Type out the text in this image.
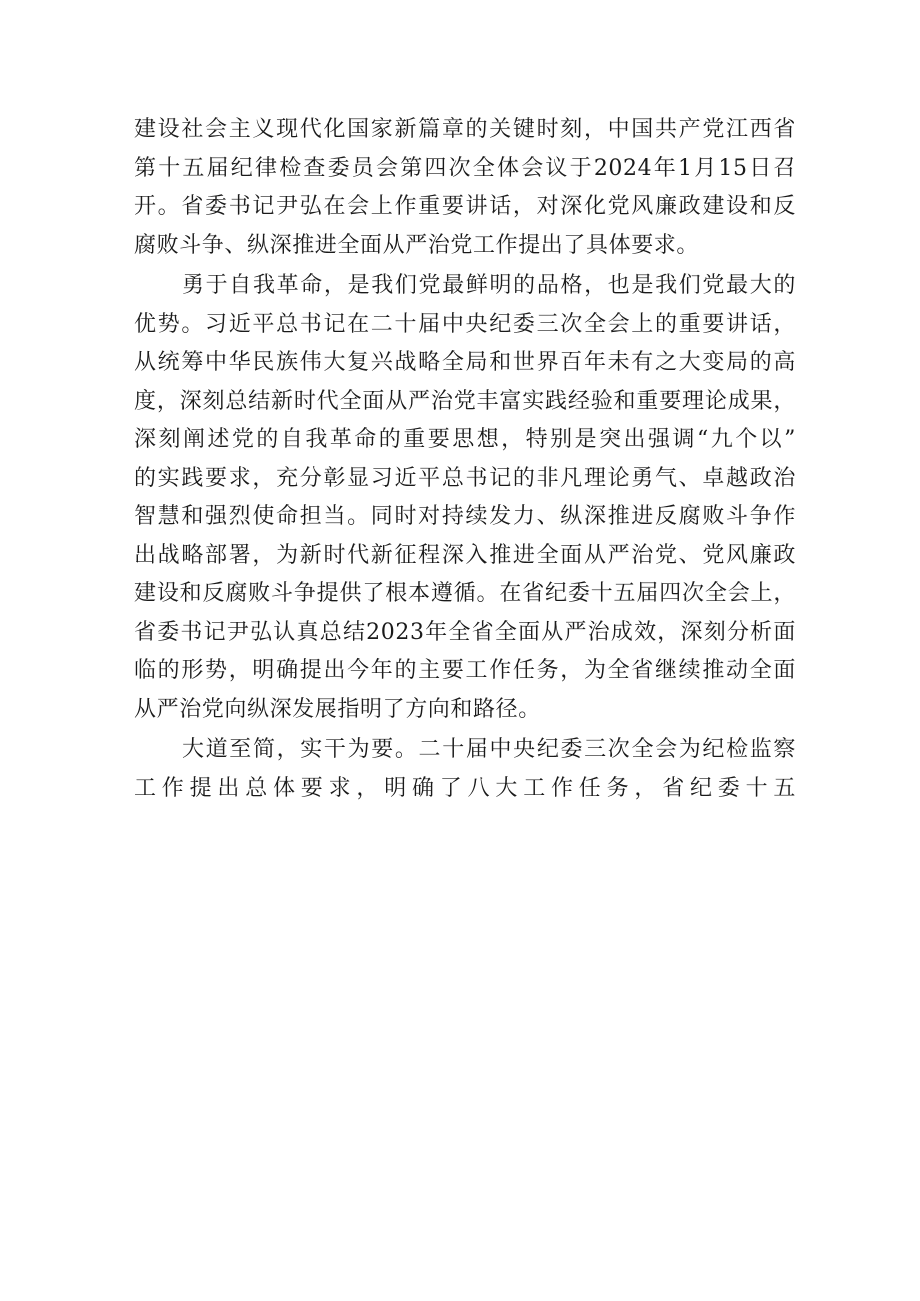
建设社会主义现代化国家新篇章的关键时刻，中国共产党江西省
第十五届纪律检查委员会第四次全体会议于2024年1月15日召
开。省委书记尹弘在会上作重要讲话，对深化党风廉政建设和反
腐败斗争、纵深推进全面从严治党工作提出了具体要求。

勇于自我革命，是我们党最鲜明的品格，也是我们党最大的
优势。习近平总书记在二十届中央纪委三次全会上的重要讲话，
从统筹中华民族伟大复兴战略全局和世界百年未有之大变局的高
度，深刻总结新时代全面从严治党丰富实践经验和重要理论成果，
深刻阐述党的自我革命的重要思想，特别是突出强调“九个以”
的实践要求，充分彰显习近平总书记的非凡理论勇气、卓越政治
智慧和强烈使命担当。同时对持续发力、纵深推进反腐败斗争作
出战略部署，为新时代新征程深入推进全面从严治党、党风廉政
建设和反腐败斗争提供了根本遵循。在省纪委十五届四次全会上，
省委书记尹弘认真总结2023年全省全面从严治成效，深刻分析面
临的形势，明确提出今年的主要工作任务，为全省继续推动全面
从严治党向纵深发展指明了方向和路径。

大道至简，实干为要。二十届中央纪委三次全会为纪检监察
工作提出总体要求，明确了八大工作任务，省纪委十五
